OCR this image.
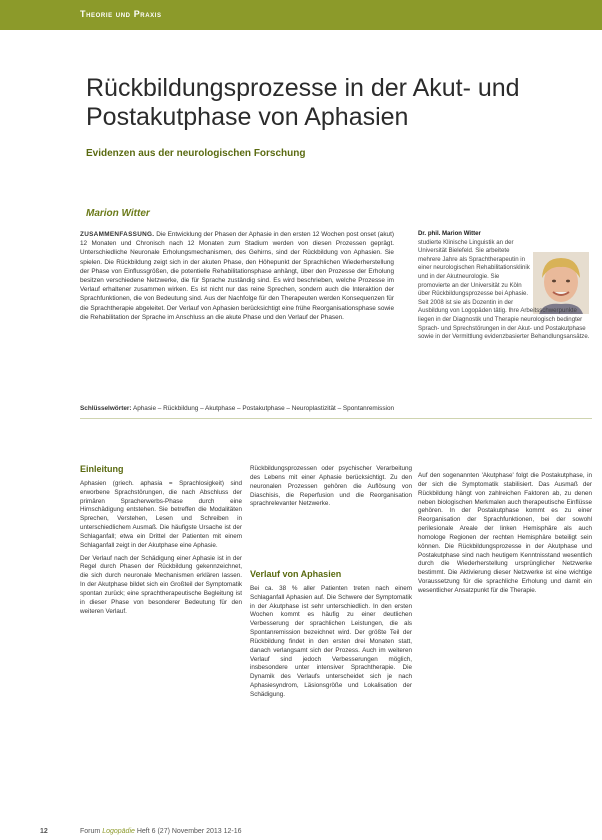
Theorie und Praxis
Rückbildungsprozesse in der Akut- und Postakutphase von Aphasien
Evidenzen aus der neurologischen Forschung
Marion Witter
ZUSAMMENFASSUNG. Die Entwicklung der Phasen der Aphasie in den ersten 12 Wochen post onset (akut) 12 Monaten und Chronisch nach 12 Monaten zum Stadium werden von diesen Prozessen geprägt. Unterschiedliche Neuronale Erholungsmechanismen, des Gehirns, sind der Rückbildung von Aphasien. Sie spielen. Die Rückbildung zeigt sich in der akuten Phase, den Höhepunkt der Sprachlichen Wiederherstellung der Phase von Einflussgrößen, die potentielle Rehabilitationsphase anhängt, über den Prozesse der Erholung besitzen verschiedene Netzwerke, die für Sprache zuständig sind. Es wird beschrieben, welche Prozesse im Verlauf erhaltener zusammen wirken. Es ist nicht nur das reine Sprechen, sondern auch die Interaktion der Sprachfunktionen, die von Bedeutung sind. Aus der Nachfolge für den Therapeuten werden Konsequenzen für die Sprachtherapie abgeleitet. Der Verlauf von Aphasien berücksichtigt eine frühe Reorganisationsphase sowie die Rehabilitation der Sprache im Anschluss an die akute Phase und den Verlauf der Phasen.
Schlüsselwörter: Aphasie – Rückbildung – Akutphase – Postakutphase – Neuroplastizität – Spontanremission
Dr. phil. Marion Witter
studierte Klinische Linguistik an der Universität Bielefeld. Sie arbeitete mehrere Jahre als Sprachtherapeutin in einer neurologischen Rehabilitationsklinik und in der Akutneurologie. Sie promovierte an der Universität zu Köln über Rückbildungsprozesse bei Aphasie. Seit 2008 ist sie als Dozentin in der Ausbildung von Logopäden tätig. Ihre Arbeitsschwerpunkte liegen in der Diagnostik und Therapie neurologisch bedingter Sprach- und Sprechstörungen in der Akut- und Postakutphase sowie in der Vermittlung evidenzbasierter Behandlungsansätze.
Einleitung

Aphasien (griech. aphasia = Sprachlosigkeit) sind erworbene Sprachstörungen, die nach Abschluss der primären Spracherwerbs-Phase durch eine Hirnschädigung entstehen. Sie betreffen die Modalitäten Sprechen, Verstehen, Lesen und Schreiben in unterschiedlichem Ausmaß. Die häufigste Ursache ist der Schlaganfall; etwa ein Drittel der Patienten mit einem Schlaganfall zeigt in der Akutphase eine Aphasie.

Der Verlauf nach der Schädigung einer Aphasie ist in der Regel durch Phasen der Rückbildung gekennzeichnet, die sich durch neuronale Mechanismen erklären lassen. In der Akutphase bildet sich ein Großteil der Symptomatik spontan zurück; eine sprachtherapeutische Begleitung ist in dieser Phase von besonderer Bedeutung für den weiteren Verlauf.

Rückbildungsprozessen oder psychischer Verarbeitung des Lebens mit einer Aphasie berücksichtigt. Zu den neuronalen Prozessen gehören die Auflösung von Diaschisis, die Reperfusion und die Reorganisation sprachrelevanter Netzwerke.

Verlauf von Aphasien

Bei ca. 38 % aller Patienten treten nach einem Schlaganfall Aphasien auf. Die Schwere der Symptomatik in der Akutphase ist sehr unterschiedlich. In den ersten Wochen kommt es häufig zu einer deutlichen Verbesserung der sprachlichen Leistungen, die als Spontanremission bezeichnet wird. Der größte Teil der Rückbildung findet in den ersten drei Monaten statt, danach verlangsamt sich der Prozess. Auch im weiteren Verlauf sind jedoch Verbesserungen möglich, insbesondere unter intensiver Sprachtherapie. Die Dynamik des Verlaufs unterscheidet sich je nach Aphasiesyndrom, Läsionsgröße und Lokalisation der Schädigung.

Auf den sogenannten 'Akutphase' folgt die Postakutphase, in der sich die Symptomatik stabilisiert. Das Ausmaß der Rückbildung hängt von zahlreichen Faktoren ab, zu denen neben biologischen Merkmalen auch therapeutische Einflüsse gehören. In der Postakutphase kommt es zu einer Reorganisation der Sprachfunktionen, bei der sowohl perilesionale Areale der linken Hemisphäre als auch homologe Regionen der rechten Hemisphäre beteiligt sein können. Die Rückbildungsprozesse in der Akutphase und Postakutphase sind nach heutigem Kenntnisstand wesentlich durch die Wiederherstellung ursprünglicher Netzwerke bestimmt. Die Aktivierung dieser Netzwerke ist eine wichtige Voraussetzung für die sprachliche Erholung und damit ein wesentlicher Ansatzpunkt für die Therapie.

12	Forum Logopädie Heft 6 (27) November 2013 12-16
